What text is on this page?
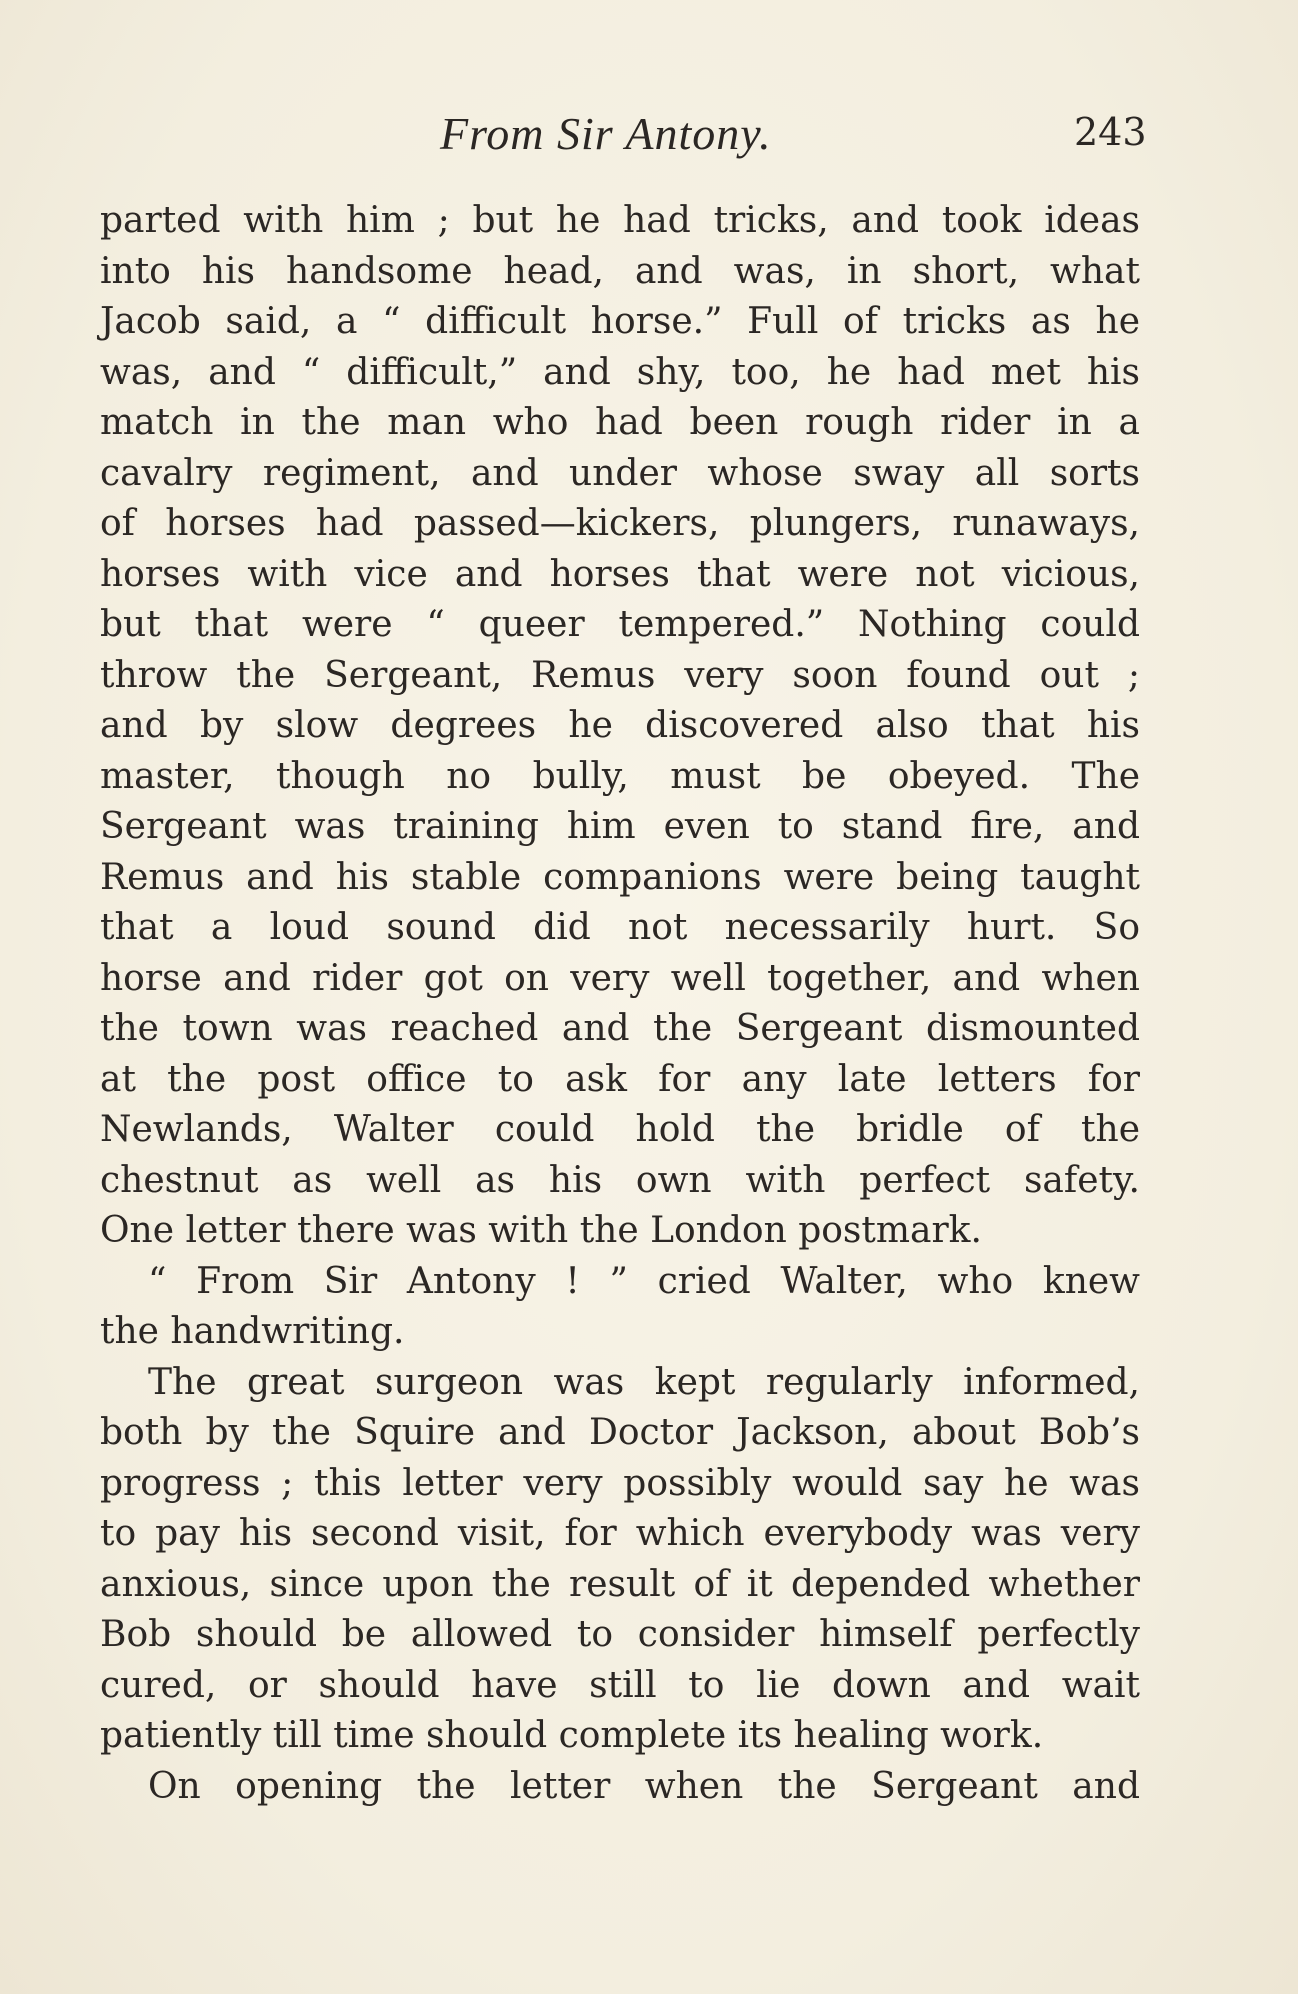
From Sir Antony.	243
parted with him ; but he had tricks, and took ideas
into his handsome head, and was, in short, what
Jacob said, a “ difficult horse.” Full of tricks as he
was, and “ difficult,” and shy, too, he had met his
match in the man who had been rough rider in a
cavalry regiment, and under whose sway all sorts
of horses had passed—kickers, plungers, runaways,
horses with vice and horses that were not vicious,
but that were “ queer tempered.” Nothing could
throw the Sergeant, Remus very soon found out ;
and by slow degrees he discovered also that his
master, though no bully, must be obeyed. The
Sergeant was training him even to stand fire, and
Remus and his stable companions were being taught
that a loud sound did not necessarily hurt. So
horse and rider got on very well together, and when
the town was reached and the Sergeant dismounted
at the post office to ask for any late letters for
Newlands, Walter could hold the bridle of the
chestnut as well as his own with perfect safety.
One letter there was with the London postmark.
“ From Sir Antony ! ” cried Walter, who knew
the handwriting.
The great surgeon was kept regularly informed,
both by the Squire and Doctor Jackson, about Bob’s
progress ; this letter very possibly would say he was
to pay his second visit, for which everybody was very
anxious, since upon the result of it depended whether
Bob should be allowed to consider himself perfectly
cured, or should have still to lie down and wait
patiently till time should complete its healing work.
On opening the letter when the Sergeant and
